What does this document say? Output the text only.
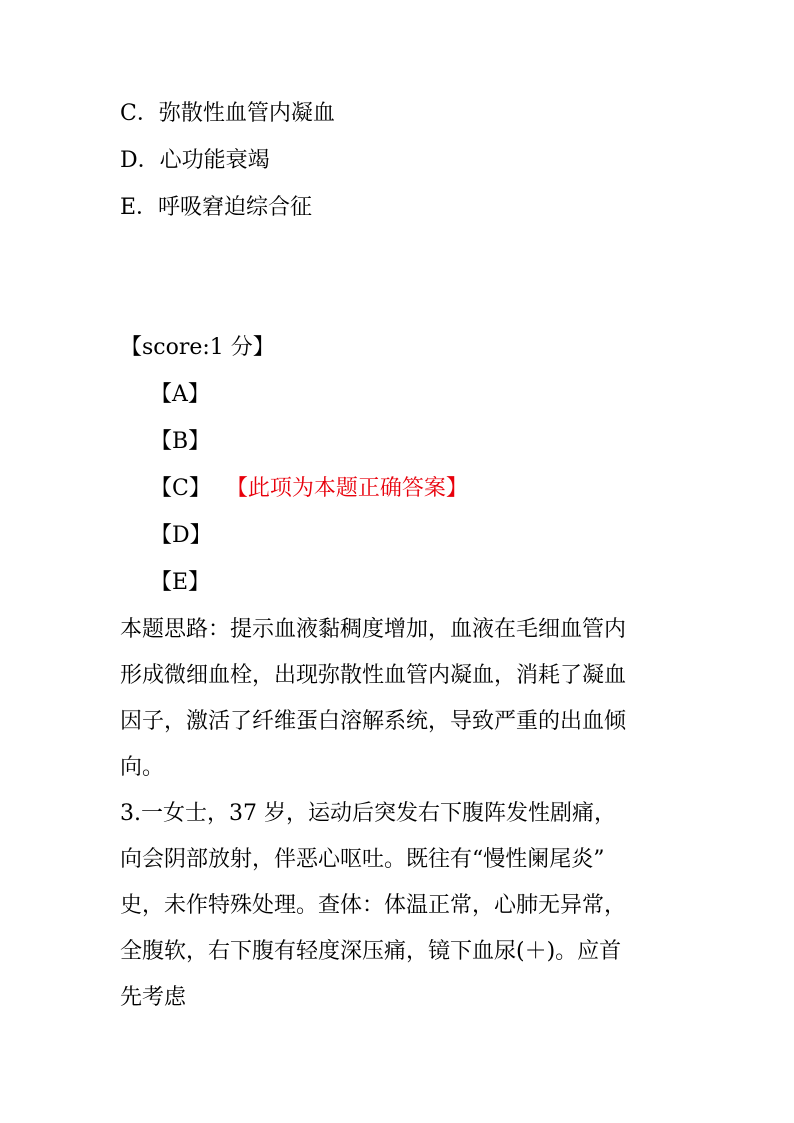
C．弥散性血管内凝血
D．心功能衰竭
E．呼吸窘迫综合征
【score:1 分】
【A】
【B】
【C】 【此项为本题正确答案】
【D】
【E】
本题思路：提示血液黏稠度增加，血液在毛细血管内
形成微细血栓，出现弥散性血管内凝血，消耗了凝血
因子，激活了纤维蛋白溶解系统，导致严重的出血倾
向。
3.一女士，37 岁，运动后突发右下腹阵发性剧痛，
向会阴部放射，伴恶心呕吐。既往有“慢性阑尾炎”
史，未作特殊处理。查体：体温正常，心肺无异常，
全腹软，右下腹有轻度深压痛，镜下血尿(＋)。应首
先考虑
